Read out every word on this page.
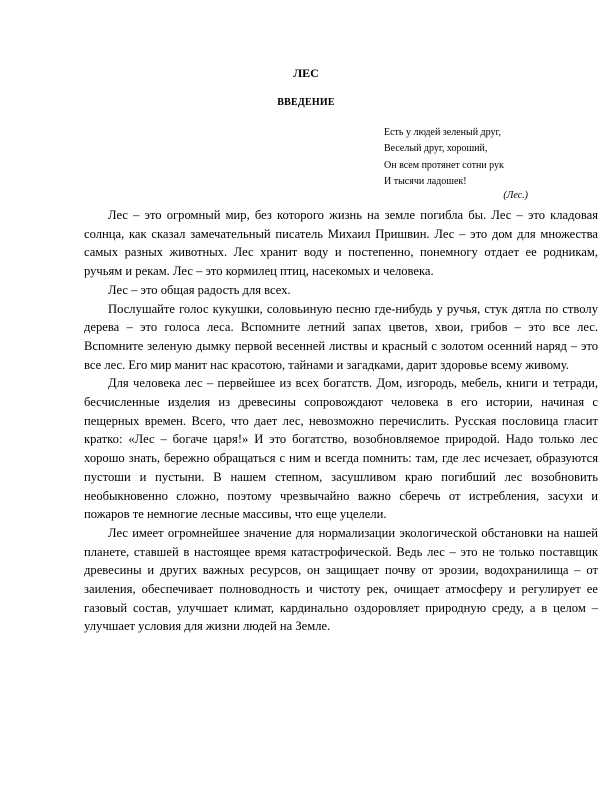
ЛЕС
ВВЕДЕНИЕ
Есть у людей зеленый друг,
Веселый друг, хороший,
Он всем протянет сотни рук
И тысячи ладошек!
(Лес.)

Лес – это огромный мир, без которого жизнь на земле погибла бы. Лес – это кладовая солнца, как сказал замечательный писатель Михаил Пришвин. Лес – это дом для множества самых разных животных. Лес хранит воду и постепенно, понемногу отдает ее родникам, ручьям и рекам. Лес – это кормилец птиц, насекомых и человека.

Лес – это общая радость для всех.

Послушайте голос кукушки, соловьиную песню где-нибудь у ручья, стук дятла по стволу дерева – это голоса леса. Вспомните летний запах цветов, хвои, грибов – это все лес. Вспомните зеленую дымку первой весенней листвы и красный с золотом осенний наряд – это все лес. Его мир манит нас красотою, тайнами и загадками, дарит здоровье всему живому.

Для человека лес – первейшее из всех богатств. Дом, изгородь, мебель, книги и тетради, бесчисленные изделия из древесины сопровождают человека в его истории, начиная с пещерных времен. Всего, что дает лес, невозможно перечислить. Русская пословица гласит кратко: «Лес – богаче царя!» И это богатство, возобновляемое природой. Надо только лес хорошо знать, бережно обращаться с ним и всегда помнить: там, где лес исчезает, образуются пустоши и пустыни. В нашем степном, засушливом краю погибший лес возобновить необыкновенно сложно, поэтому чрезвычайно важно сберечь от истребления, засухи и пожаров те немногие лесные массивы, что еще уцелели.

Лес имеет огромнейшее значение для нормализации экологической обстановки на нашей планете, ставшей в настоящее время катастрофической. Ведь лес – это не только поставщик древесины и других важных ресурсов, он защищает почву от эрозии, водохранилища – от заиления, обеспечивает полноводность и чистоту рек, очищает атмосферу и регулирует ее газовый состав, улучшает климат, кардинально оздоровляет природную среду, а в целом – улучшает условия для жизни людей на Земле.
